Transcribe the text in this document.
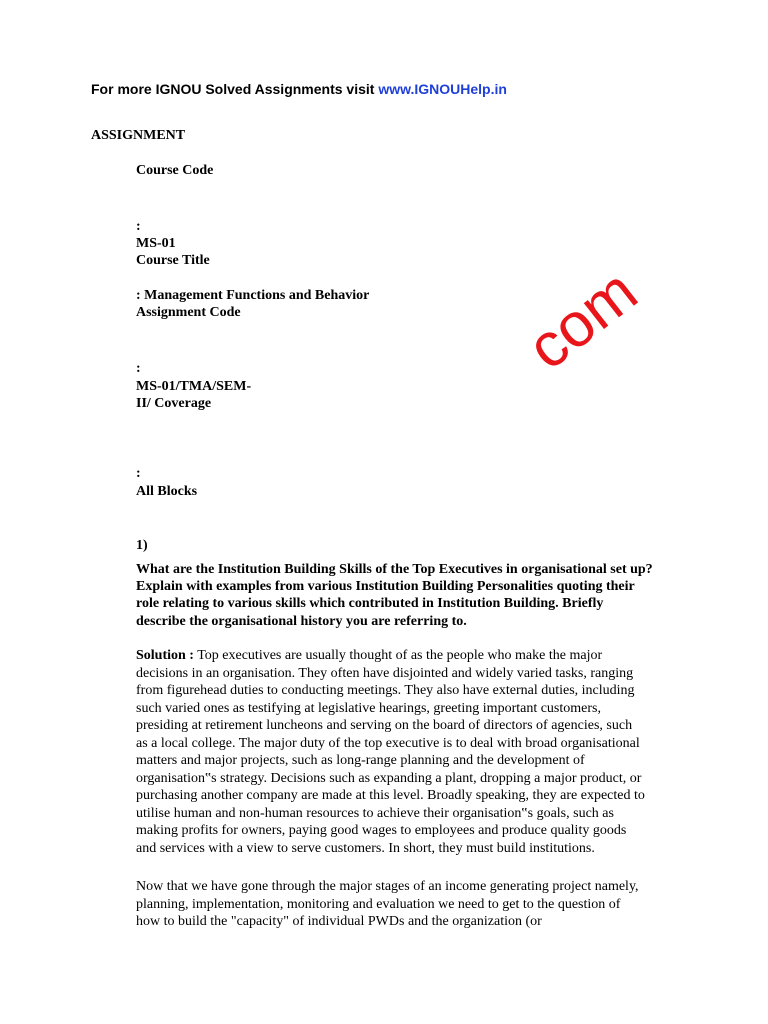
For more IGNOU Solved Assignments visit www.IGNOUHelp.in
ASSIGNMENT
Course Code
:
MS-01
Course Title
: Management Functions and Behavior
Assignment Code
:
MS-01/TMA/SEM-
II/ Coverage
:
All Blocks
1)
What are the Institution Building Skills of the Top Executives in organisational set up? Explain with examples from various Institution Building Personalities quoting their role relating to various skills which contributed in Institution Building. Briefly describe the organisational history you are referring to.
Solution : Top executives are usually thought of as the people who make the major decisions in an organisation. They often have disjointed and widely varied tasks, ranging from figurehead duties to conducting meetings. They also have external duties, including such varied ones as testifying at legislative hearings, greeting important customers, presiding at retirement luncheons and serving on the board of directors of agencies, such as a local college. The major duty of the top executive is to deal with broad organisational matters and major projects, such as long-range planning and the development of organisation‟s strategy. Decisions such as expanding a plant, dropping a major product, or purchasing another company are made at this level. Broadly speaking, they are expected to utilise human and non-human resources to achieve their organisation‟s goals, such as making profits for owners, paying good wages to employees and produce quality goods and services with a view to serve customers. In short, they must build institutions.
Now that we have gone through the major stages of an income generating project namely, planning, implementation, monitoring and evaluation we need to get to the question of how to build the "capacity" of individual PWDs and the organization (or
com
